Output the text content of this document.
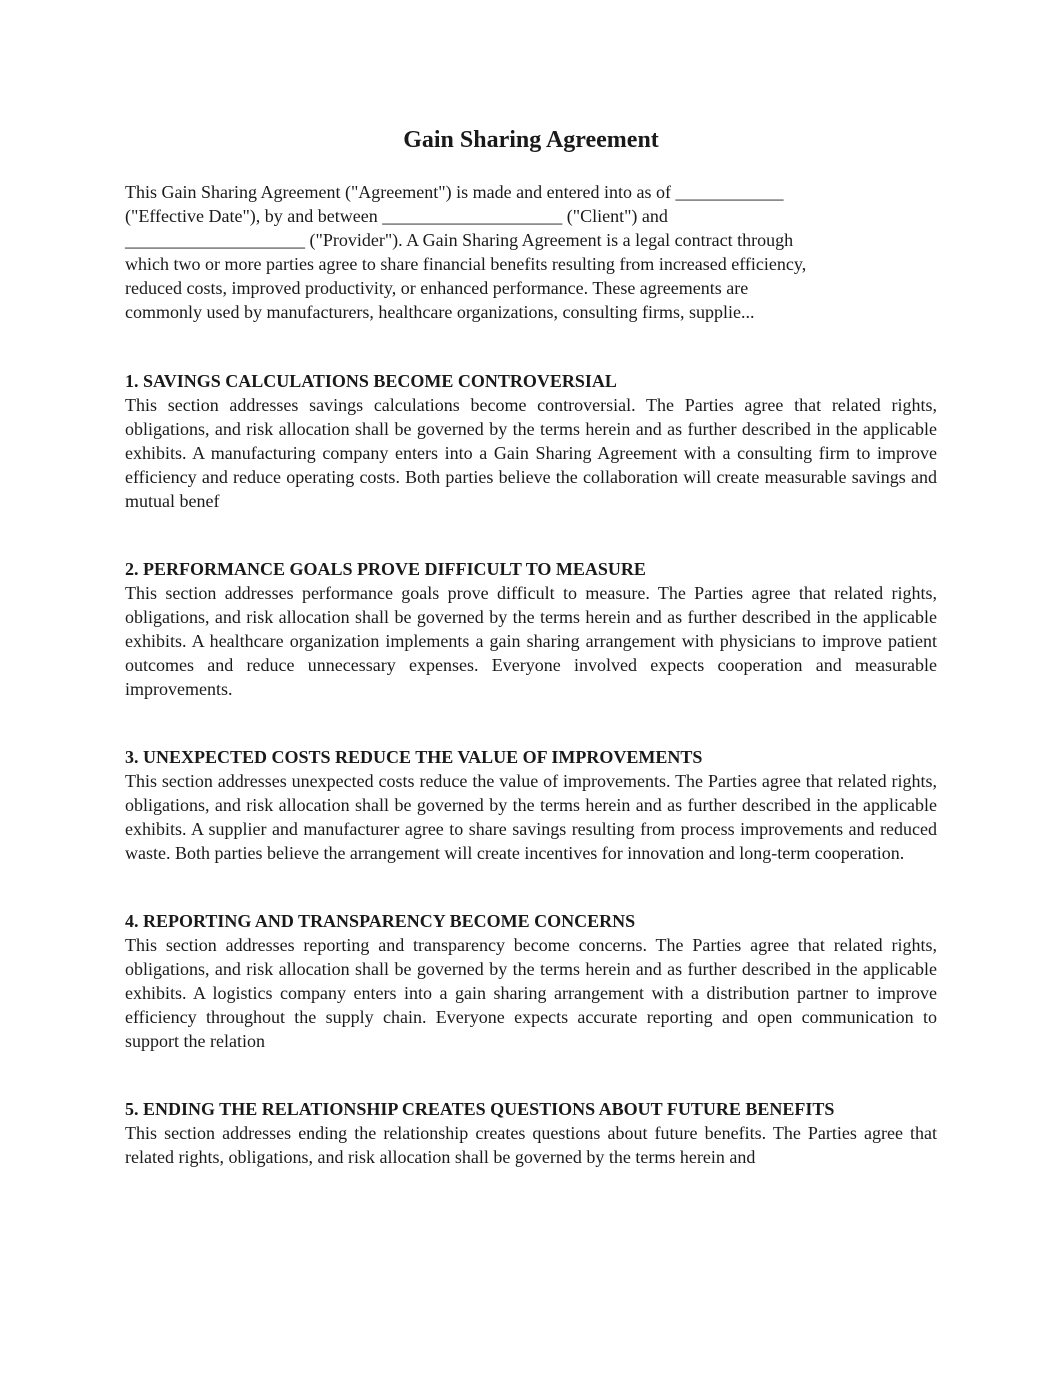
Gain Sharing Agreement

This Gain Sharing Agreement ("Agreement") is made and entered into as of ____________
("Effective Date"), by and between ____________________ ("Client") and
____________________ ("Provider"). A Gain Sharing Agreement is a legal contract through
which two or more parties agree to share financial benefits resulting from increased efficiency,
reduced costs, improved productivity, or enhanced performance. These agreements are
commonly used by manufacturers, healthcare organizations, consulting firms, supplie...

1. SAVINGS CALCULATIONS BECOME CONTROVERSIAL

This section addresses savings calculations become controversial. The Parties agree that related rights, obligations, and risk allocation shall be governed by the terms herein and as further described in the applicable exhibits. A manufacturing company enters into a Gain Sharing Agreement with a consulting firm to improve efficiency and reduce operating costs. Both parties believe the collaboration will create measurable savings and mutual benef

2. PERFORMANCE GOALS PROVE DIFFICULT TO MEASURE

This section addresses performance goals prove difficult to measure. The Parties agree that related rights, obligations, and risk allocation shall be governed by the terms herein and as further described in the applicable exhibits. A healthcare organization implements a gain sharing arrangement with physicians to improve patient outcomes and reduce unnecessary expenses. Everyone involved expects cooperation and measurable improvements.

3. UNEXPECTED COSTS REDUCE THE VALUE OF IMPROVEMENTS

This section addresses unexpected costs reduce the value of improvements. The Parties agree that related rights, obligations, and risk allocation shall be governed by the terms herein and as further described in the applicable exhibits. A supplier and manufacturer agree to share savings resulting from process improvements and reduced waste. Both parties believe the arrangement will create incentives for innovation and long-term cooperation.

4. REPORTING AND TRANSPARENCY BECOME CONCERNS

This section addresses reporting and transparency become concerns. The Parties agree that related rights, obligations, and risk allocation shall be governed by the terms herein and as further described in the applicable exhibits. A logistics company enters into a gain sharing arrangement with a distribution partner to improve efficiency throughout the supply chain. Everyone expects accurate reporting and open communication to support the relation

5. ENDING THE RELATIONSHIP CREATES QUESTIONS ABOUT FUTURE BENEFITS

This section addresses ending the relationship creates questions about future benefits. The Parties agree that related rights, obligations, and risk allocation shall be governed by the terms herein and
